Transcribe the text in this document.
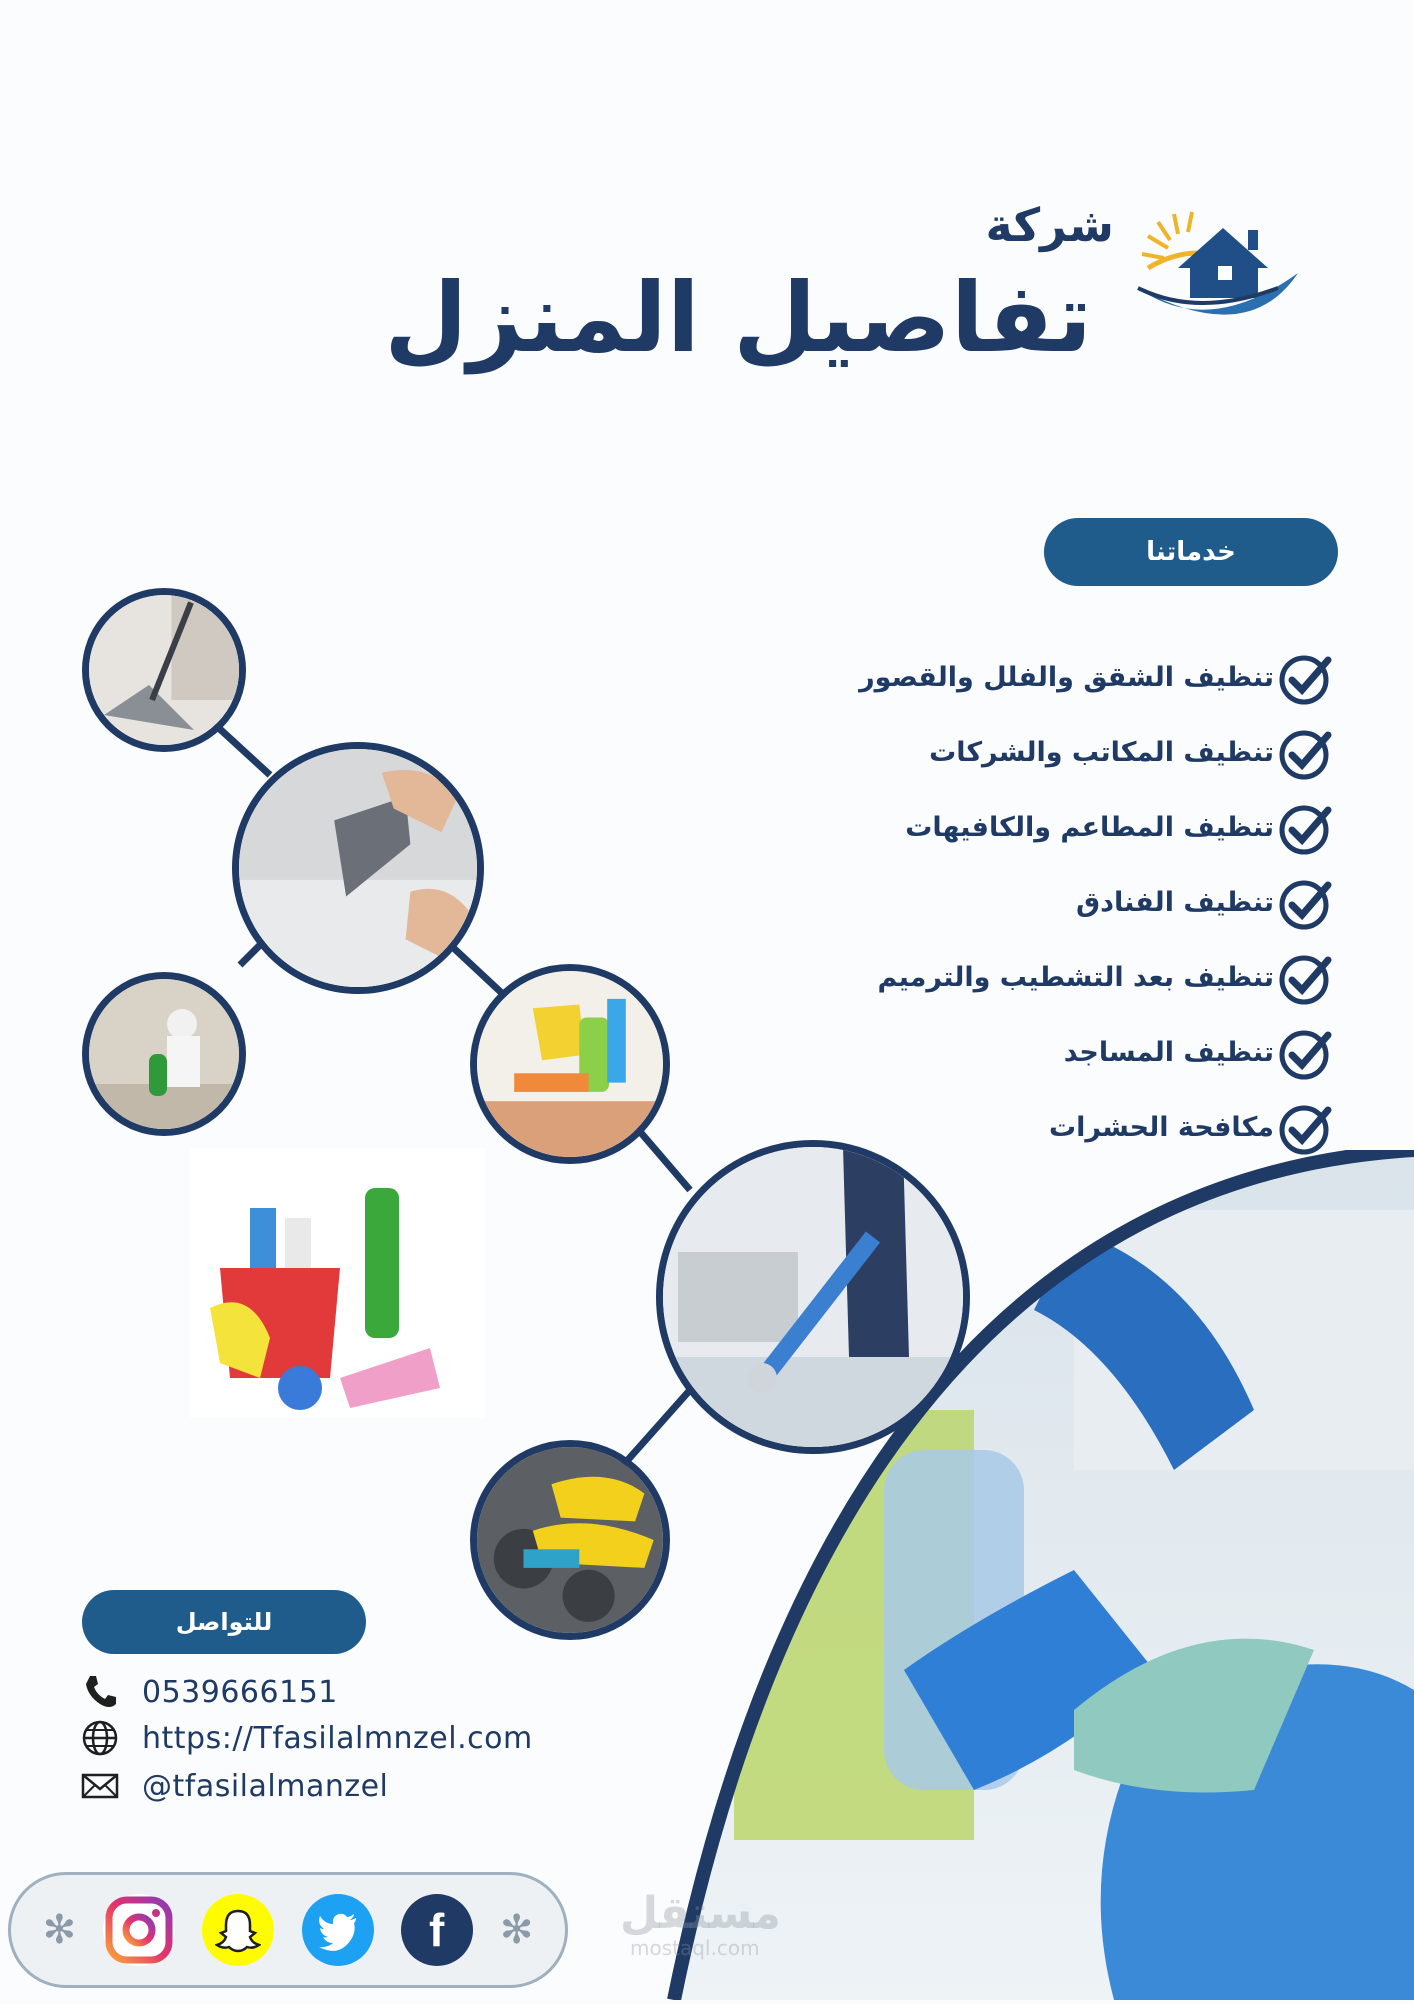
شركة
تفاصيل المنزل
خدماتنا
تنظيف الشقق والفلل والقصور
تنظيف المكاتب والشركات
تنظيف المطاعم والكافيهات
تنظيف الفنادق
تنظيف بعد التشطيب والترميم
تنظيف المساجد
مكافحة الحشرات
للتواصل
0539666151
https://Tfasilalmnzel.com
@tfasilalmanzel
✻	f ✻ مستقل
mostaql.com
